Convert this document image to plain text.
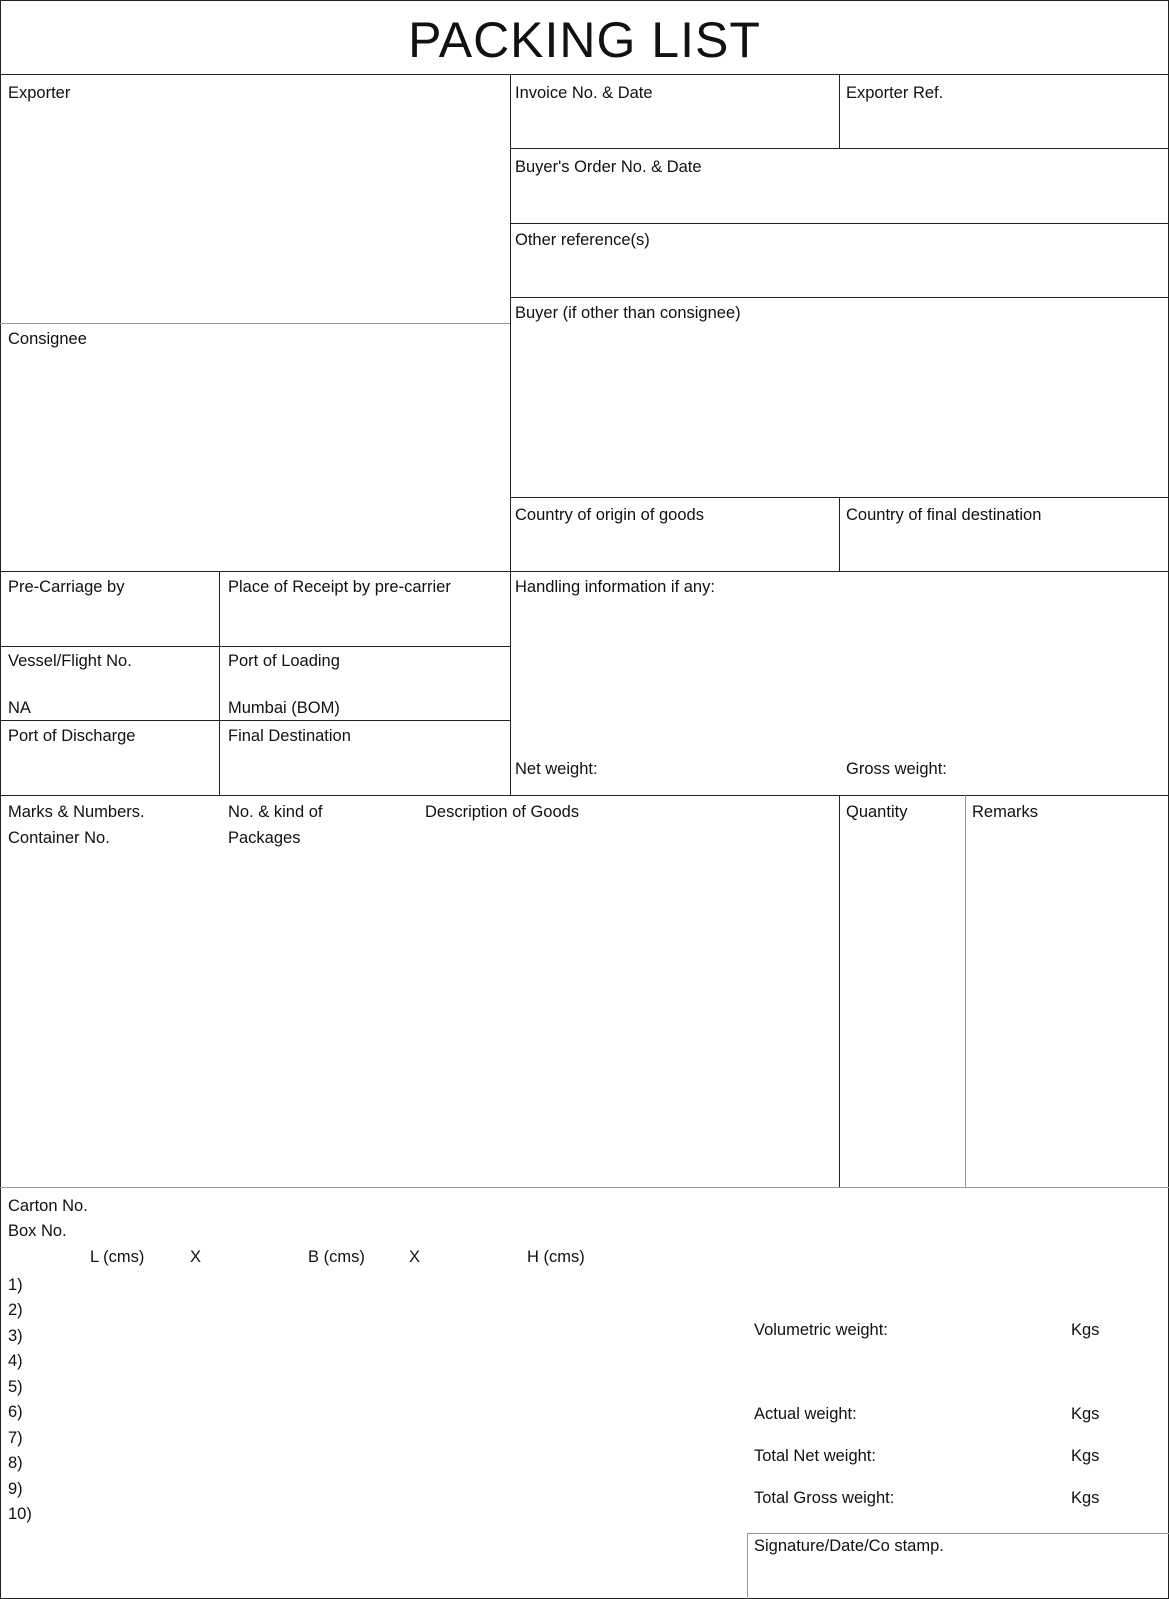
PACKING LIST
Exporter
Consignee
Invoice No. & Date	Exporter Ref.
Buyer's Order No. & Date
Other reference(s)
Buyer (if other than consignee)
Country of origin of goods	Country of final destination
Pre-Carriage by	Place of Receipt by pre-carrier
Vessel/Flight No.
NA
Port of Loading
Mumbai (BOM)
Port of Discharge	Final Destination
Handling information if any:
Net weight:	Gross weight:
Marks & Numbers.
Container No.
No. & kind of
Packages
Description of Goods	Quantity	Remarks
Carton No.
Box No.
L (cms)	X	B (cms)	X	H (cms)
1)
2)
3)
4)
5)
6)
7)
8)
9)
10)
Volumetric weight:	Kgs
Actual weight:	Kgs
Total Net weight:	Kgs
Total Gross weight:	Kgs
Signature/Date/Co stamp.
